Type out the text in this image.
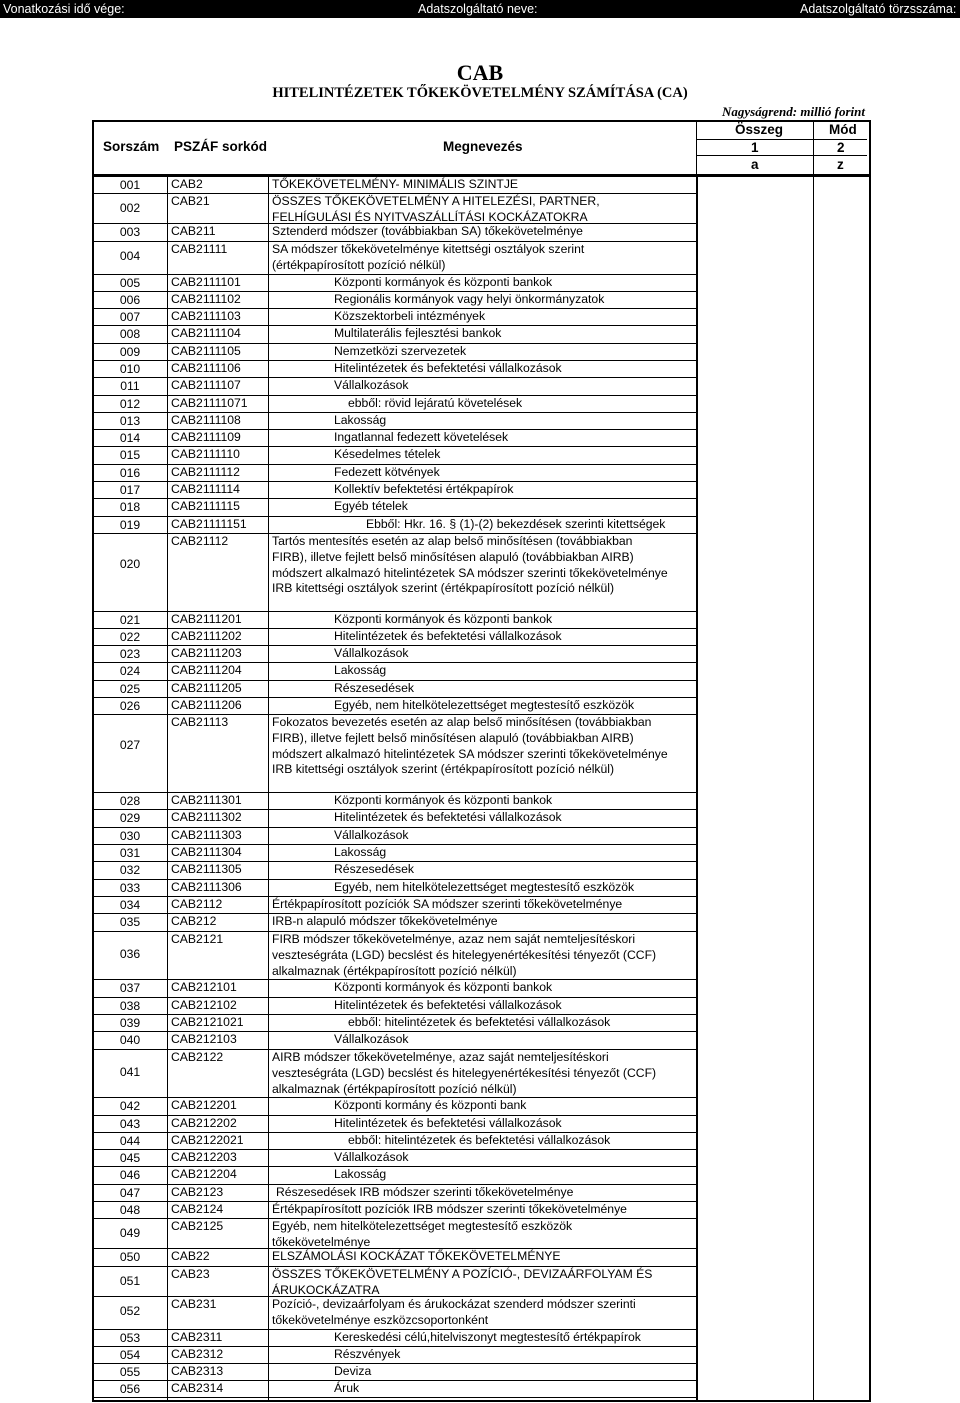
Vonatkozási idő vége:	Adatszolgáltató neve:	Adatszolgáltató törzsszáma:
CAB
HITELINTÉZETEK TŐKEKÖVETELMÉNY SZÁMÍTÁSA (CA)
Nagyságrend: millió forint
Sorszám PSZÁF sorkód	Megnevezés
Összeg	Mód
1	2
a	z
001	CAB2	TŐKEKÖVETELMÉNY- MINIMÁLIS SZINTJE
002	CAB21	ÖSSZES TŐKEKÖVETELMÉNY A HITELEZÉSI, PARTNER,
FELHÍGULÁSI ÉS NYITVASZÁLLÍTÁSI KOCKÁZATOKRA
003	CAB211	Sztenderd módszer (továbbiakban SA) tőkekövetelménye
004	CAB21111	SA módszer tőkekövetelménye kitettségi osztályok szerint
(értékpapírosított pozíció nélkül)
005	CAB2111101	Központi kormányok és központi bankok
006	CAB2111102	Regionális kormányok vagy helyi önkormányzatok
007	CAB2111103	Közszektorbeli intézmények
008	CAB2111104	Multilaterális fejlesztési bankok
009	CAB2111105	Nemzetközi szervezetek
010	CAB2111106	Hitelintézetek és befektetési vállalkozások
011	CAB2111107	Vállalkozások
012	CAB21111071	ebből: rövid lejáratú követelések
013	CAB2111108	Lakosság
014	CAB2111109	Ingatlannal fedezett követelések
015	CAB2111110	Késedelmes tételek
016	CAB2111112	Fedezett kötvények
017	CAB2111114	Kollektív befektetési értékpapírok
018	CAB2111115	Egyéb tételek
019	CAB21111151	Ebből: Hkr. 16. § (1)-(2) bekezdések szerinti kitettségek
020
CAB21112	Tartós mentesítés esetén az alap belső minősítésen (továbbiakban
FIRB), illetve fejlett belső minősítésen alapuló (továbbiakban AIRB)
módszert alkalmazó hitelintézetek SA módszer szerinti tőkekövetelménye
IRB kitettségi osztályok szerint (értékpapírosított pozíció nélkül)
021	CAB2111201	Központi kormányok és központi bankok
022	CAB2111202	Hitelintézetek és befektetési vállalkozások
023	CAB2111203	Vállalkozások
024	CAB2111204	Lakosság
025	CAB2111205	Részesedések
026	CAB2111206	Egyéb, nem hitelkötelezettséget megtestesítő eszközök
027
CAB21113	Fokozatos bevezetés esetén az alap belső minősítésen (továbbiakban
FIRB), illetve fejlett belső minősítésen alapuló (továbbiakban AIRB)
módszert alkalmazó hitelintézetek SA módszer szerinti tőkekövetelménye
IRB kitettségi osztályok szerint (értékpapírosított pozíció nélkül)
028	CAB2111301	Központi kormányok és központi bankok
029	CAB2111302	Hitelintézetek és befektetési vállalkozások
030	CAB2111303	Vállalkozások
031	CAB2111304	Lakosság
032	CAB2111305	Részesedések
033	CAB2111306	Egyéb, nem hitelkötelezettséget megtestesítő eszközök
034	CAB2112	Értékpapírosított pozíciók SA módszer szerinti tőkekövetelménye
035	CAB212	IRB-n alapuló módszer tőkekövetelménye
036
CAB2121	FIRB módszer tőkekövetelménye, azaz nem saját nemteljesítéskori
veszteségráta (LGD) becslést és hitelegyenértékesítési tényezőt (CCF)
alkalmaznak (értékpapírosított pozíció nélkül)
037	CAB212101	Központi kormányok és központi bankok
038	CAB212102	Hitelintézetek és befektetési vállalkozások
039	CAB2121021	ebből: hitelintézetek és befektetési vállalkozások
040	CAB212103	Vállalkozások
041
CAB2122	AIRB módszer tőkekövetelménye, azaz saját nemteljesítéskori
veszteségráta (LGD) becslést és hitelegyenértékesítési tényezőt (CCF)
alkalmaznak (értékpapírosított pozíció nélkül)
042	CAB212201	Központi kormány és központi bank
043	CAB212202	Hitelintézetek és befektetési vállalkozások
044	CAB2122021	ebből: hitelintézetek és befektetési vállalkozások
045	CAB212203	Vállalkozások
046	CAB212204	Lakosság
047	CAB2123	Részesedések IRB módszer szerinti tőkekövetelménye
048	CAB2124	Értékpapírosított pozíciók IRB módszer szerinti tőkekövetelménye
049	CAB2125	Egyéb, nem hitelkötelezettséget megtestesítő eszközök
tőkekövetelménye
050	CAB22	ELSZÁMOLÁSI KOCKÁZAT TŐKEKÖVETELMÉNYE
051	CAB23	ÖSSZES TŐKEKÖVETELMÉNY A POZÍCIÓ-, DEVIZAÁRFOLYAM ÉS
ÁRUKOCKÁZATRA
052	CAB231	Pozíció-, devizaárfolyam és árukockázat szenderd módszer szerinti
tőkekövetelménye eszközcsoportonként
053	CAB2311	Kereskedési célú,hitelviszonyt megtestesítő értékpapírok
054	CAB2312	Részvények
055	CAB2313	Deviza
056	CAB2314	Áruk
